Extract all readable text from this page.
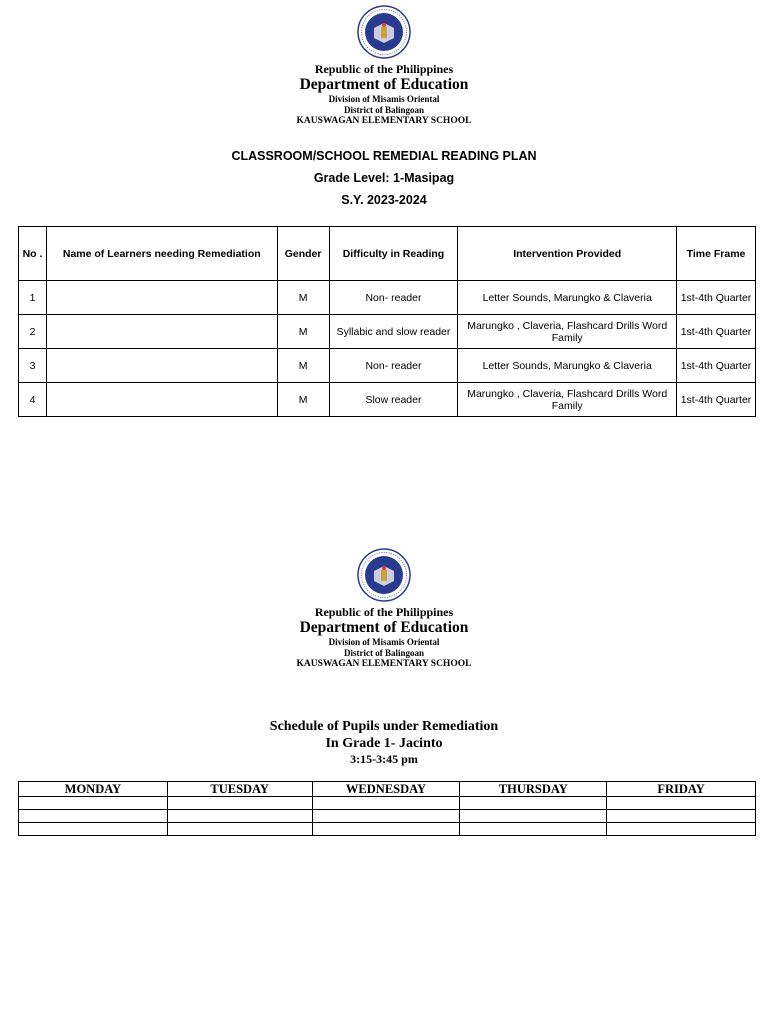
Republic of the Philippines
Department of Education
Division of Misamis Oriental
District of Balingoan
KAUSWAGAN ELEMENTARY SCHOOL
CLASSROOM/SCHOOL REMEDIAL READING PLAN
Grade Level: 1-Masipag
S.Y. 2023-2024
No .	Name of Learners needing Remediation	Gender	Difficulty in Reading	Intervention Provided	Time Frame
1		M	Non- reader	Letter Sounds, Marungko & Claveria	1st-4th Quarter
2		M	Syllabic and slow reader	Marungko , Claveria, Flashcard Drills Word Family	1st-4th Quarter
3		M	Non- reader	Letter Sounds, Marungko & Claveria	1st-4th Quarter
4		M	Slow reader	Marungko , Claveria, Flashcard Drills Word Family	1st-4th Quarter
Republic of the Philippines
Department of Education
Division of Misamis Oriental
District of Balingoan
KAUSWAGAN ELEMENTARY SCHOOL
Schedule of Pupils under Remediation
In Grade 1- Jacinto
3:15-3:45 pm
MONDAY	TUESDAY	WEDNESDAY	THURSDAY	FRIDAY
